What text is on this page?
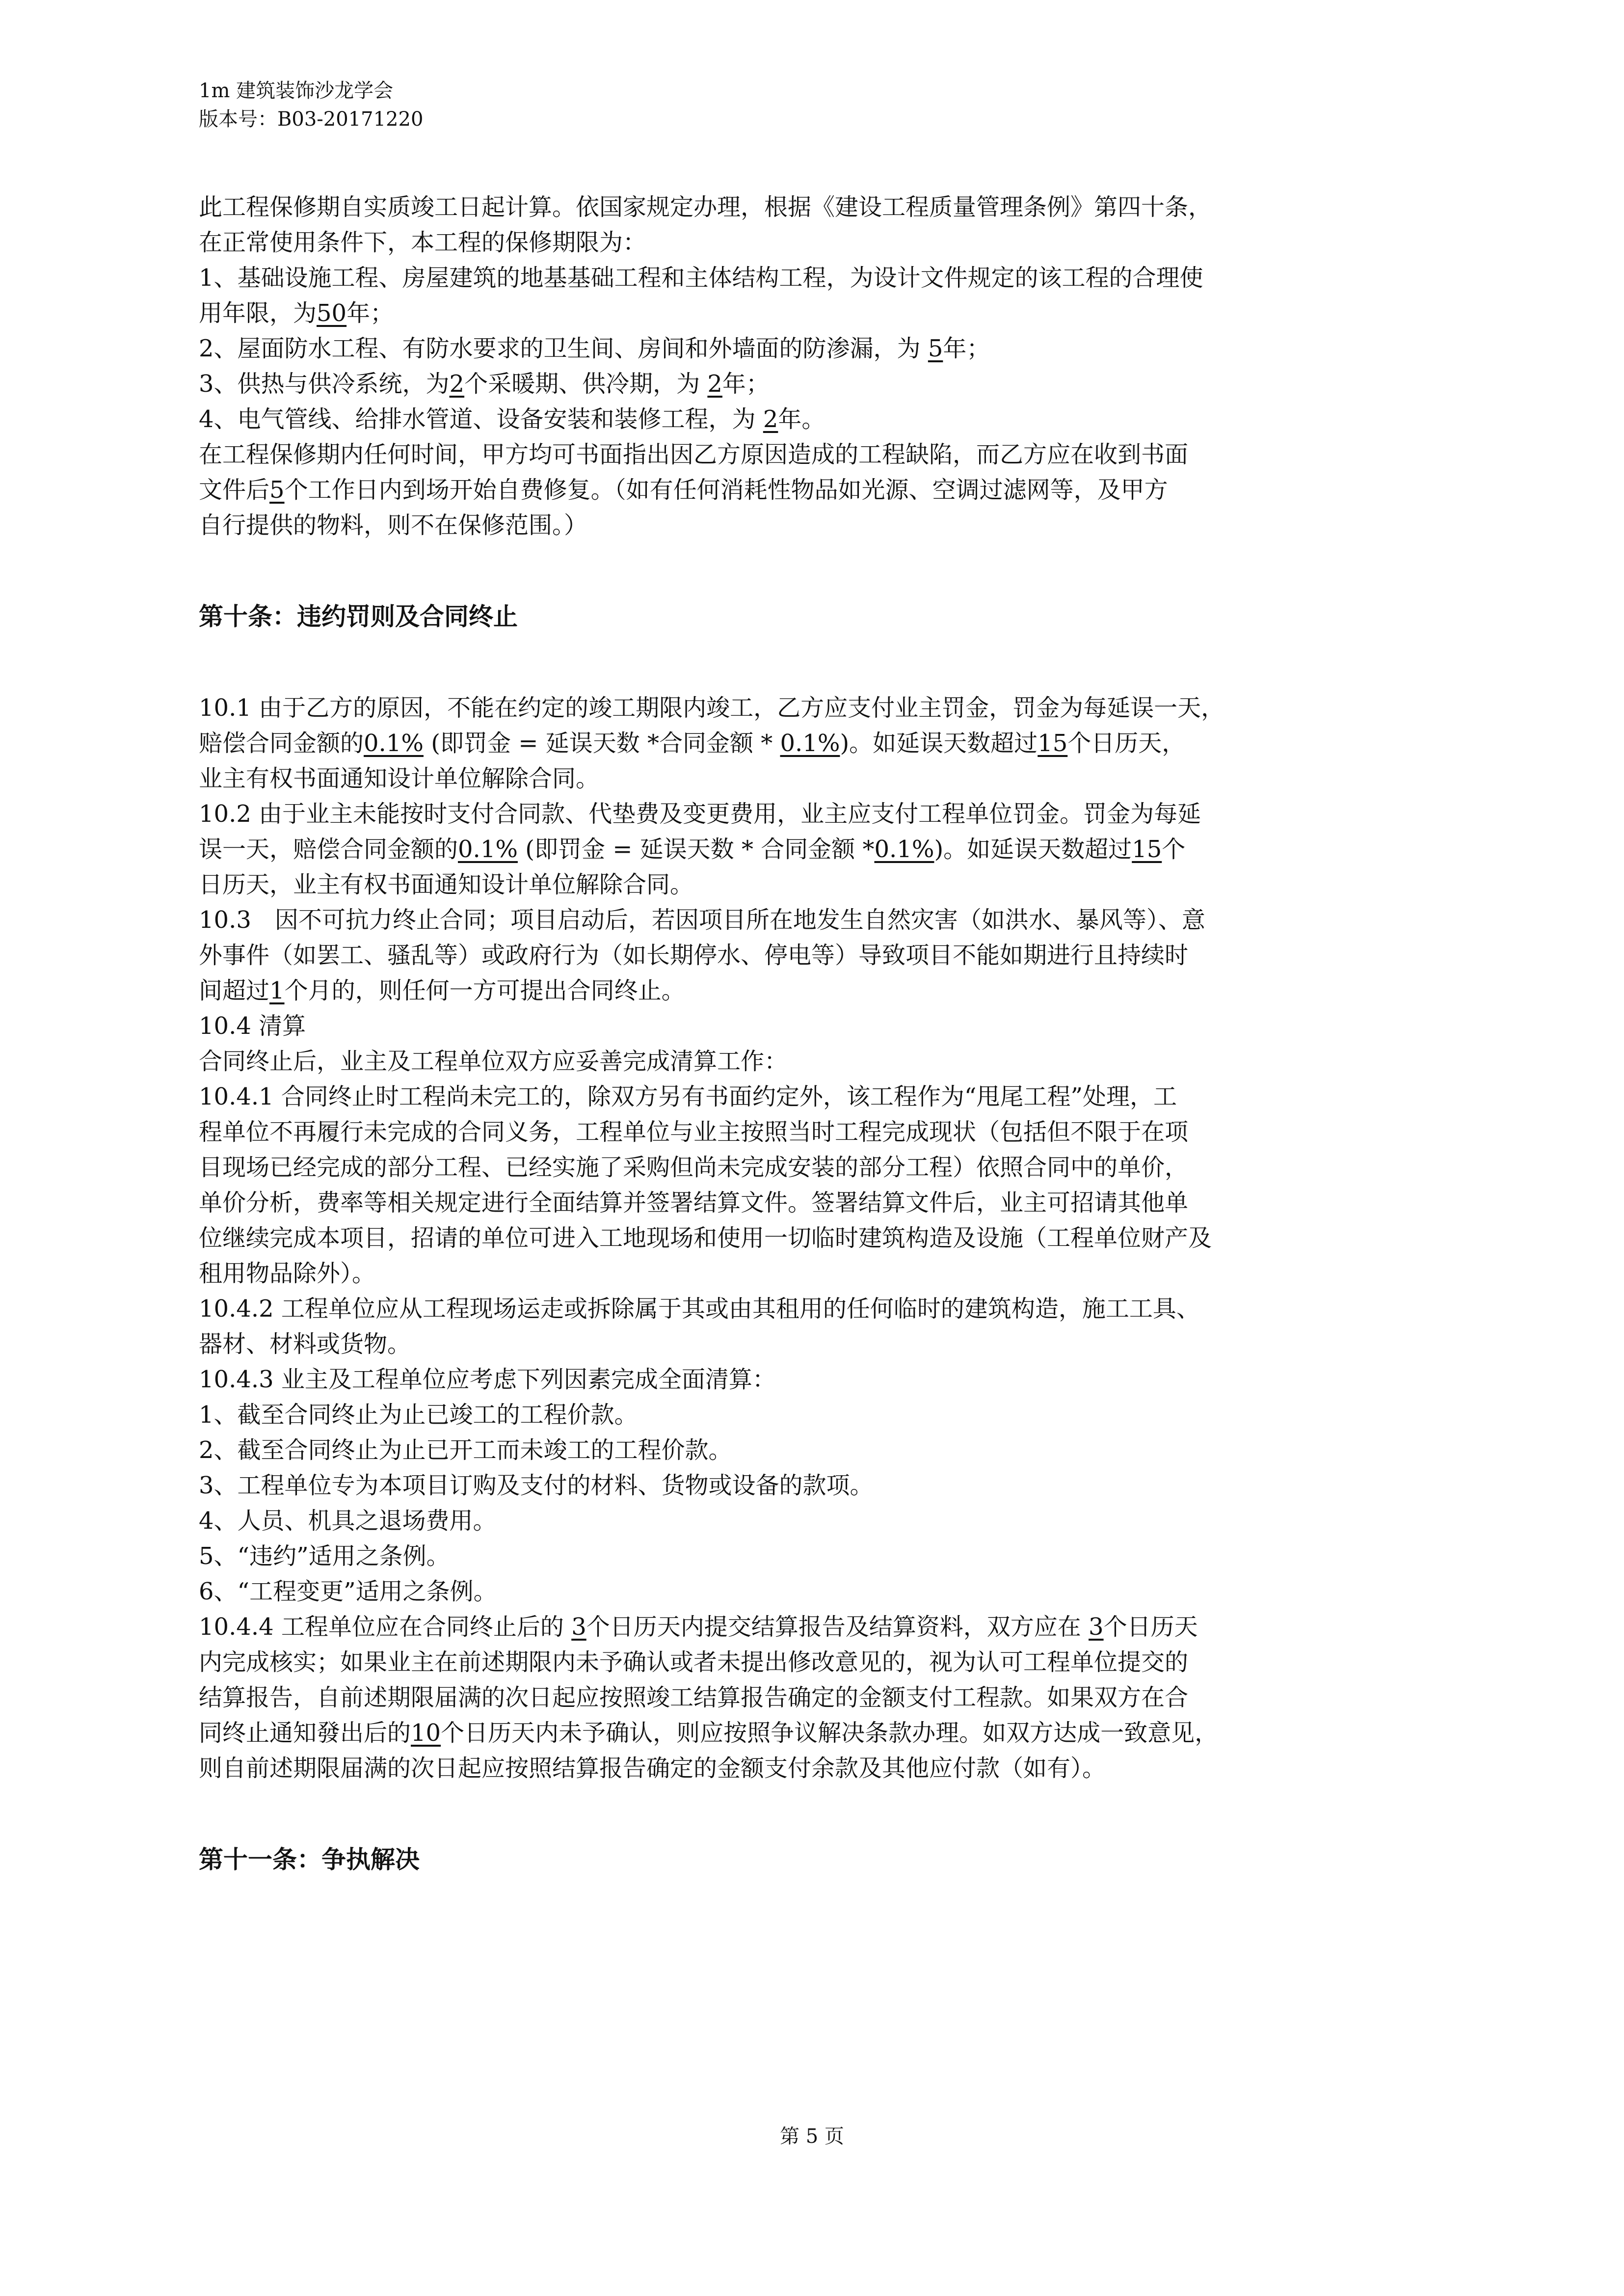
1m 建筑装饰沙龙学会
版本号：B03-20171220

此工程保修期自实质竣工日起计算。依国家规定办理，根据《建设工程质量管理条例》第四十条，

在正常使用条件下，本工程的保修期限为：

1、基础设施工程、房屋建筑的地基基础工程和主体结构工程，为设计文件规定的该工程的合理使

用年限，为50年；

2、屋面防水工程、有防水要求的卫生间、房间和外墙面的防渗漏，为 5年；

3、供热与供冷系统，为2个采暖期、供冷期，为 2年；

4、电气管线、给排水管道、设备安装和装修工程，为 2年。

在工程保修期内任何时间，甲方均可书面指出因乙方原因造成的工程缺陷，而乙方应在收到书面

文件后5个工作日内到场开始自费修复。（如有任何消耗性物品如光源、空调过滤网等，及甲方

自行提供的物料，则不在保修范围。）

第十条：违约罚则及合同终止

10.1 由于乙方的原因，不能在约定的竣工期限内竣工，乙方应支付业主罚金，罚金为每延误一天，

赔偿合同金额的0.1% (即罚金 = 延误天数 *合同金额 * 0.1%)。如延误天数超过15个日历天，

业主有权书面通知设计单位解除合同。

10.2 由于业主未能按时支付合同款、代垫费及变更费用，业主应支付工程单位罚金。罚金为每延

误一天，赔偿合同金额的0.1% (即罚金 = 延误天数 * 合同金额 *0.1%)。如延误天数超过15个

日历天，业主有权书面通知设计单位解除合同。

10.3　因不可抗力终止合同；项目启动后，若因项目所在地发生自然灾害（如洪水、暴风等）、意

外事件（如罢工、骚乱等）或政府行为（如长期停水、停电等）导致项目不能如期进行且持续时

间超过1个月的，则任何一方可提出合同终止。

10.4 清算

合同终止后，业主及工程单位双方应妥善完成清算工作：

10.4.1 合同终止时工程尚未完工的，除双方另有书面约定外，该工程作为“甩尾工程”处理，工

程单位不再履行未完成的合同义务，工程单位与业主按照当时工程完成现状（包括但不限于在项

目现场已经完成的部分工程、已经实施了采购但尚未完成安装的部分工程）依照合同中的单价，

单价分析，费率等相关规定进行全面结算并签署结算文件。签署结算文件后，业主可招请其他单

位继续完成本项目，招请的单位可进入工地现场和使用一切临时建筑构造及设施（工程单位财产及

租用物品除外）。

10.4.2 工程单位应从工程现场运走或拆除属于其或由其租用的任何临时的建筑构造，施工工具、

器材、材料或货物。

10.4.3 业主及工程单位应考虑下列因素完成全面清算：

1、截至合同终止为止已竣工的工程价款。

2、截至合同终止为止已开工而未竣工的工程价款。

3、工程单位专为本项目订购及支付的材料、货物或设备的款项。

4、人员、机具之退场费用。

5、“违约”适用之条例。

6、“工程变更”适用之条例。

10.4.4 工程单位应在合同终止后的 3个日历天内提交结算报告及结算资料，双方应在 3个日历天

内完成核实；如果业主在前述期限内未予确认或者未提出修改意见的，视为认可工程单位提交的

结算报告，自前述期限届满的次日起应按照竣工结算报告确定的金额支付工程款。如果双方在合

同终止通知發出后的10个日历天内未予确认，则应按照争议解决条款办理。如双方达成一致意见，

则自前述期限届满的次日起应按照结算报告确定的金额支付余款及其他应付款（如有）。

第十一条：争执解决

第 5 页
